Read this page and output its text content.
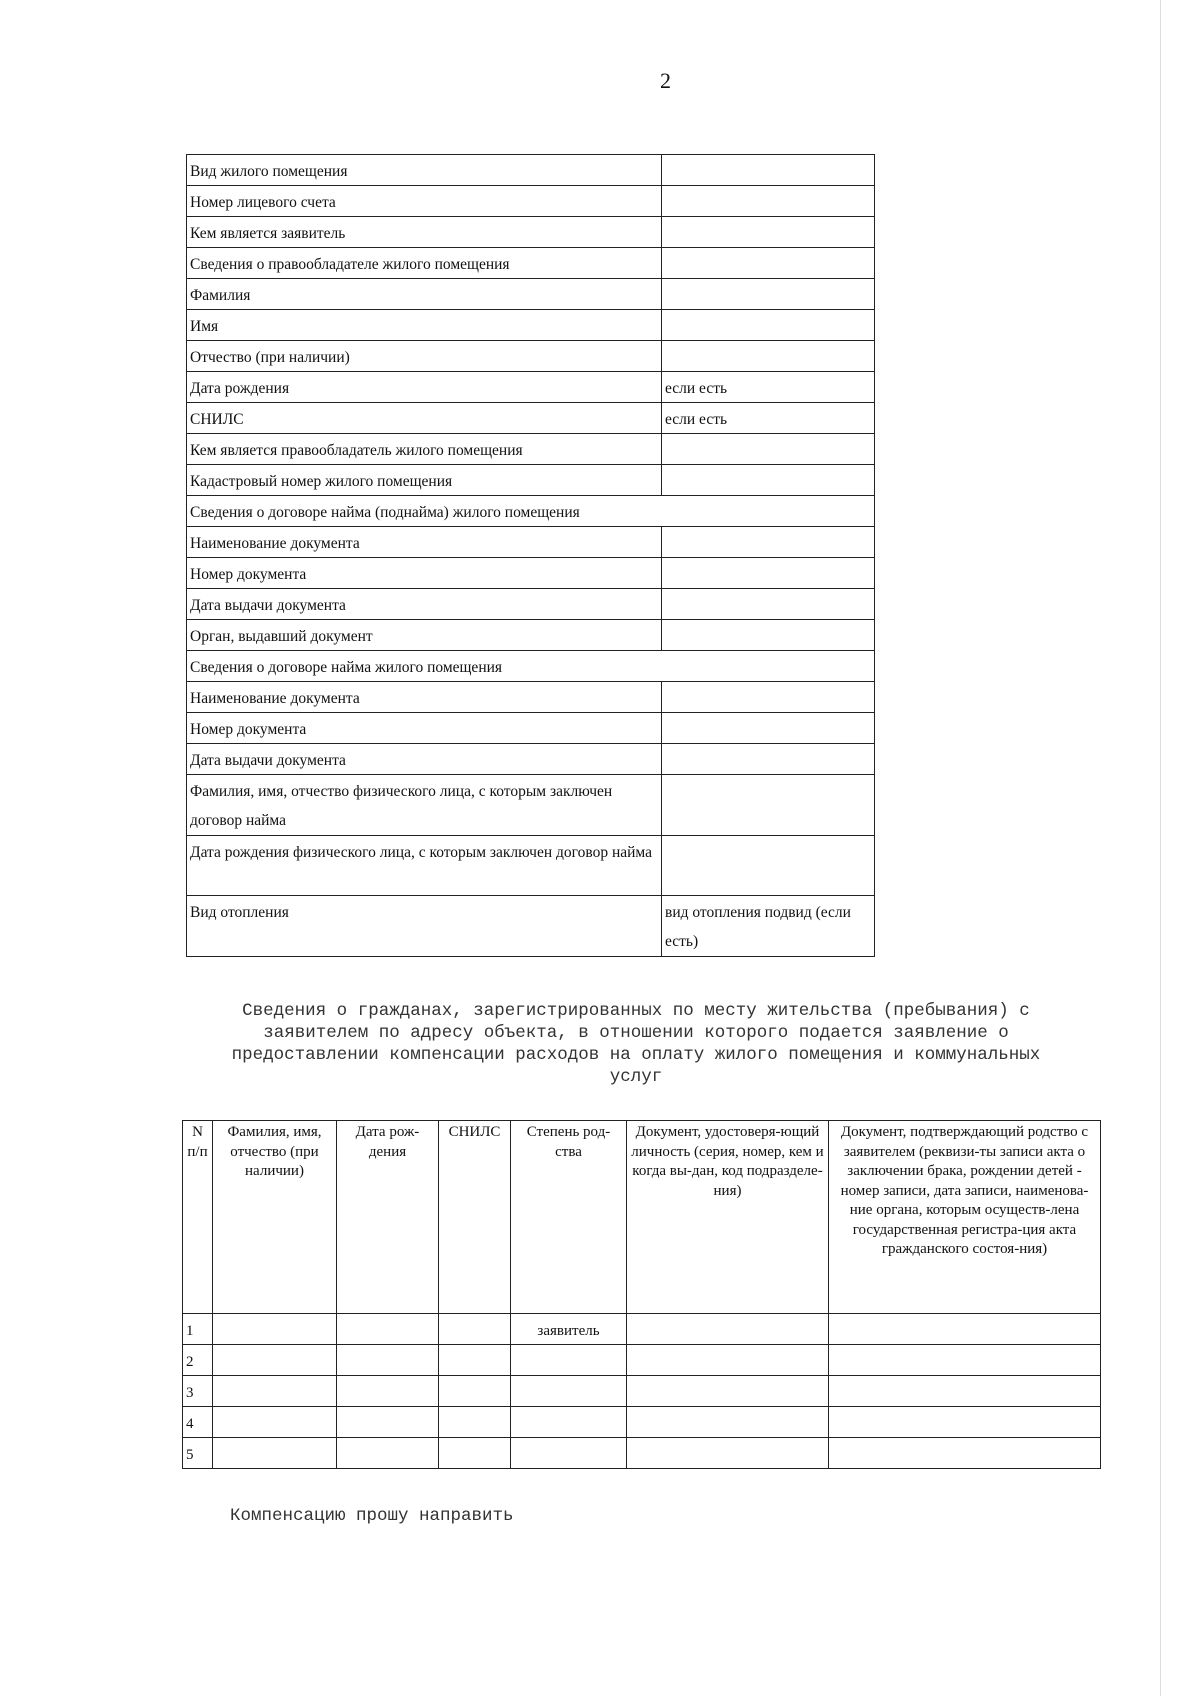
2
Вид жилого помещения	
Номер лицевого счета	
Кем является заявитель	
Сведения о правообладателе жилого помещения	
Фамилия	
Имя	
Отчество (при наличии)	
Дата рождения	если есть
СНИЛС	если есть
Кем является правообладатель жилого помещения	
Кадастровый номер жилого помещения	
Сведения о договоре найма (поднайма) жилого помещения	
Наименование документа	
Номер документа	
Дата выдачи документа	
Орган, выдавший документ	
Сведения о договоре найма жилого помещения	
Наименование документа	
Номер документа	
Дата выдачи документа	
Фамилия, имя, отчество физического лица, с которым заключен договор найма	
Дата рождения физического лица, с которым заключен договор найма	
Вид отопления	вид отопления подвид (если есть)

Сведения о гражданах, зарегистрированных по месту жительства (пребывания) с заявителем по адресу объекта, в отношении которого подается заявление о предоставлении компенсации расходов на оплату жилого помещения и коммунальных услуг

N п/п	Фамилия, имя, отчество (при наличии)	Дата рож-дения	СНИЛС	Степень род-ства	Документ, удостоверя-ющий личность (серия, номер, кем и когда вы-дан, код подразделе-ния)	Документ, подтверждающий родство с заявителем (реквизи-ты записи акта о заключении брака, рождении детей - номер записи, дата записи, наименова-ние органа, которым осуществ-лена государственная регистра-ция акта гражданского состоя-ния)
1				заявитель		
2						
3						
4						
5						
Компенсацию прошу направить
